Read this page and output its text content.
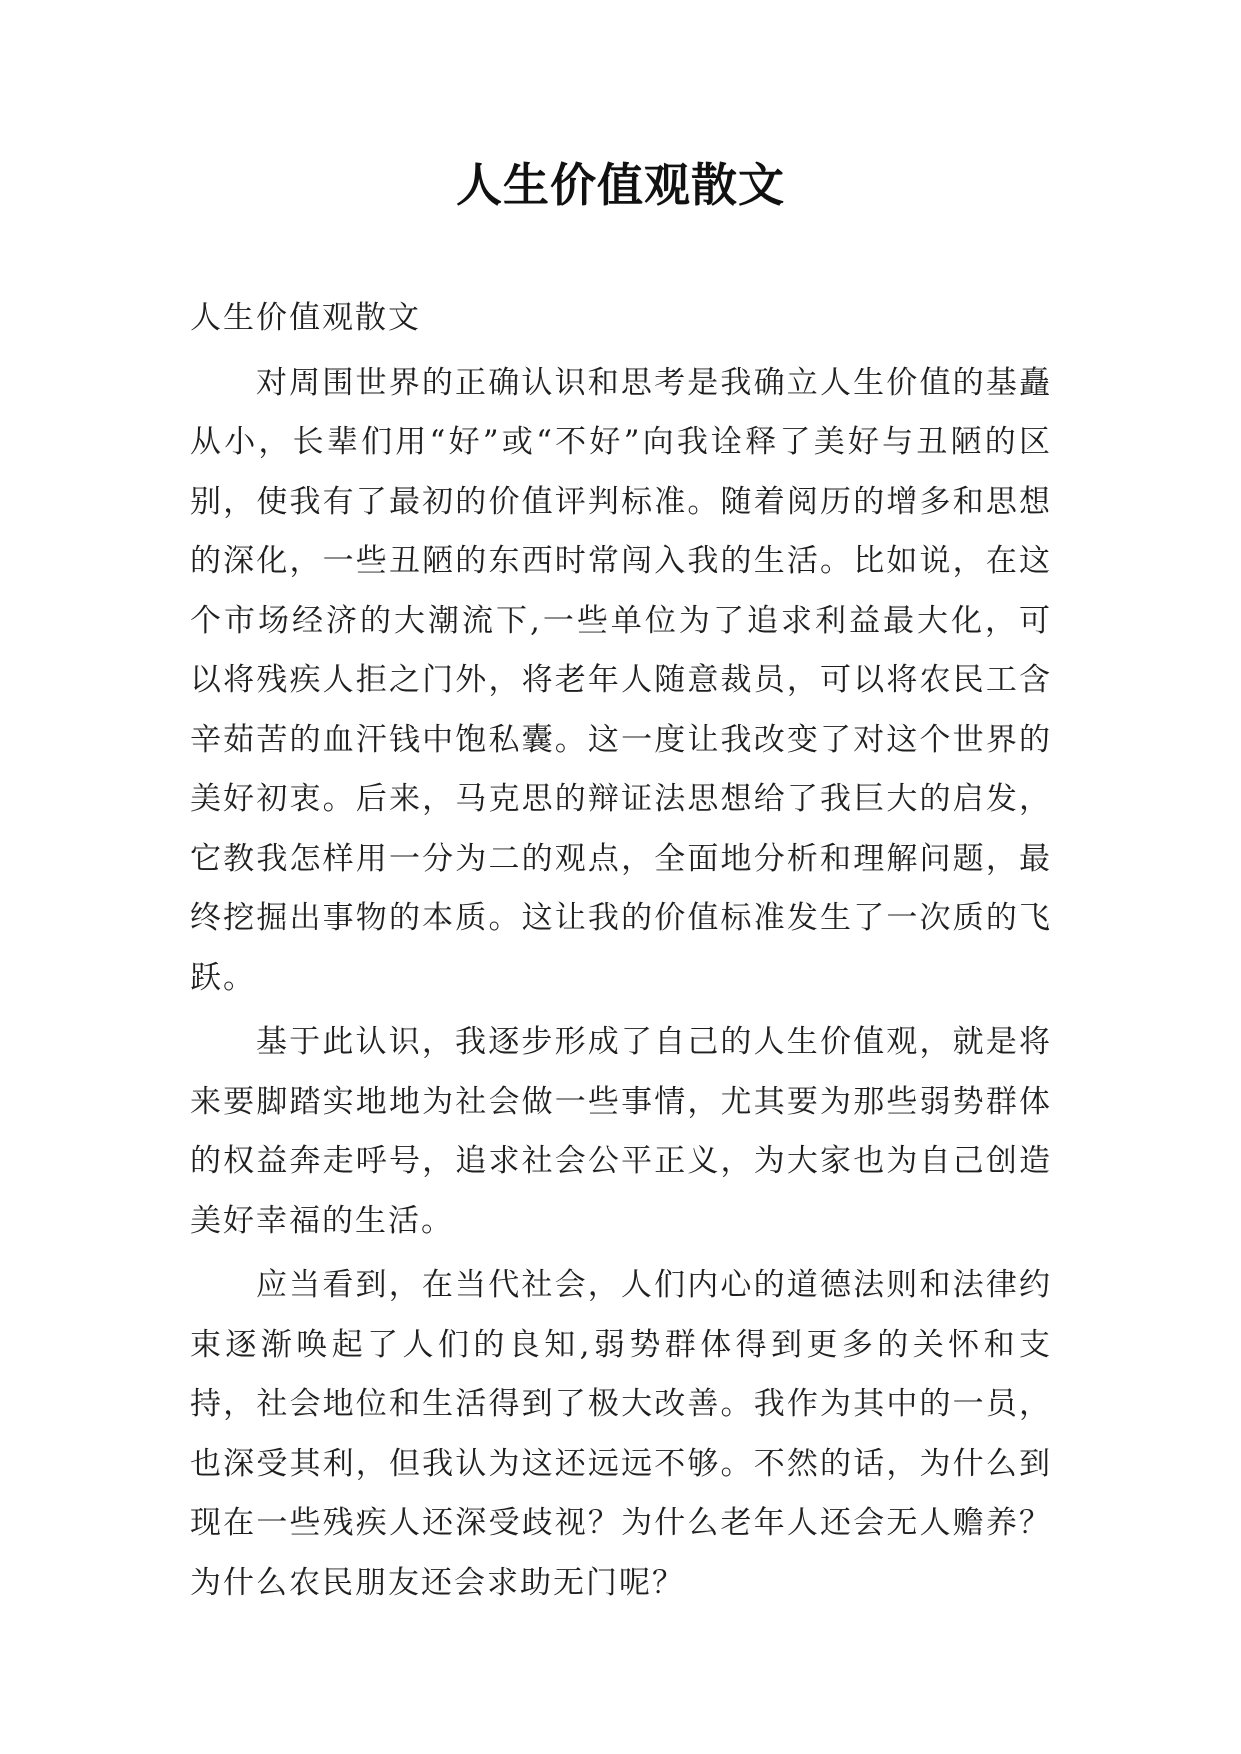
人生价值观散文

人生价值观散文

对周围世界的正确认识和思考是我确立人生价值的基矗从小，长辈们用“好”或“不好”向我诠释了美好与丑陋的区别，使我有了最初的价值评判标准。随着阅历的增多和思想的深化，一些丑陋的东西时常闯入我的生活。比如说，在这个市场经济的大潮流下,一些单位为了追求利益最大化，可以将残疾人拒之门外，将老年人随意裁员，可以将农民工含辛茹苦的血汗钱中饱私囊。这一度让我改变了对这个世界的美好初衷。后来，马克思的辩证法思想给了我巨大的启发，它教我怎样用一分为二的观点，全面地分析和理解问题，最终挖掘出事物的本质。这让我的价值标准发生了一次质的飞跃。

基于此认识，我逐步形成了自己的人生价值观，就是将来要脚踏实地地为社会做一些事情，尤其要为那些弱势群体的权益奔走呼号，追求社会公平正义，为大家也为自己创造美好幸福的生活。

应当看到，在当代社会，人们内心的道德法则和法律约束逐渐唤起了人们的良知,弱势群体得到更多的关怀和支持，社会地位和生活得到了极大改善。我作为其中的一员，也深受其利，但我认为这还远远不够。不然的话，为什么到现在一些残疾人还深受歧视？为什么老年人还会无人赡养？为什么农民朋友还会求助无门呢？
